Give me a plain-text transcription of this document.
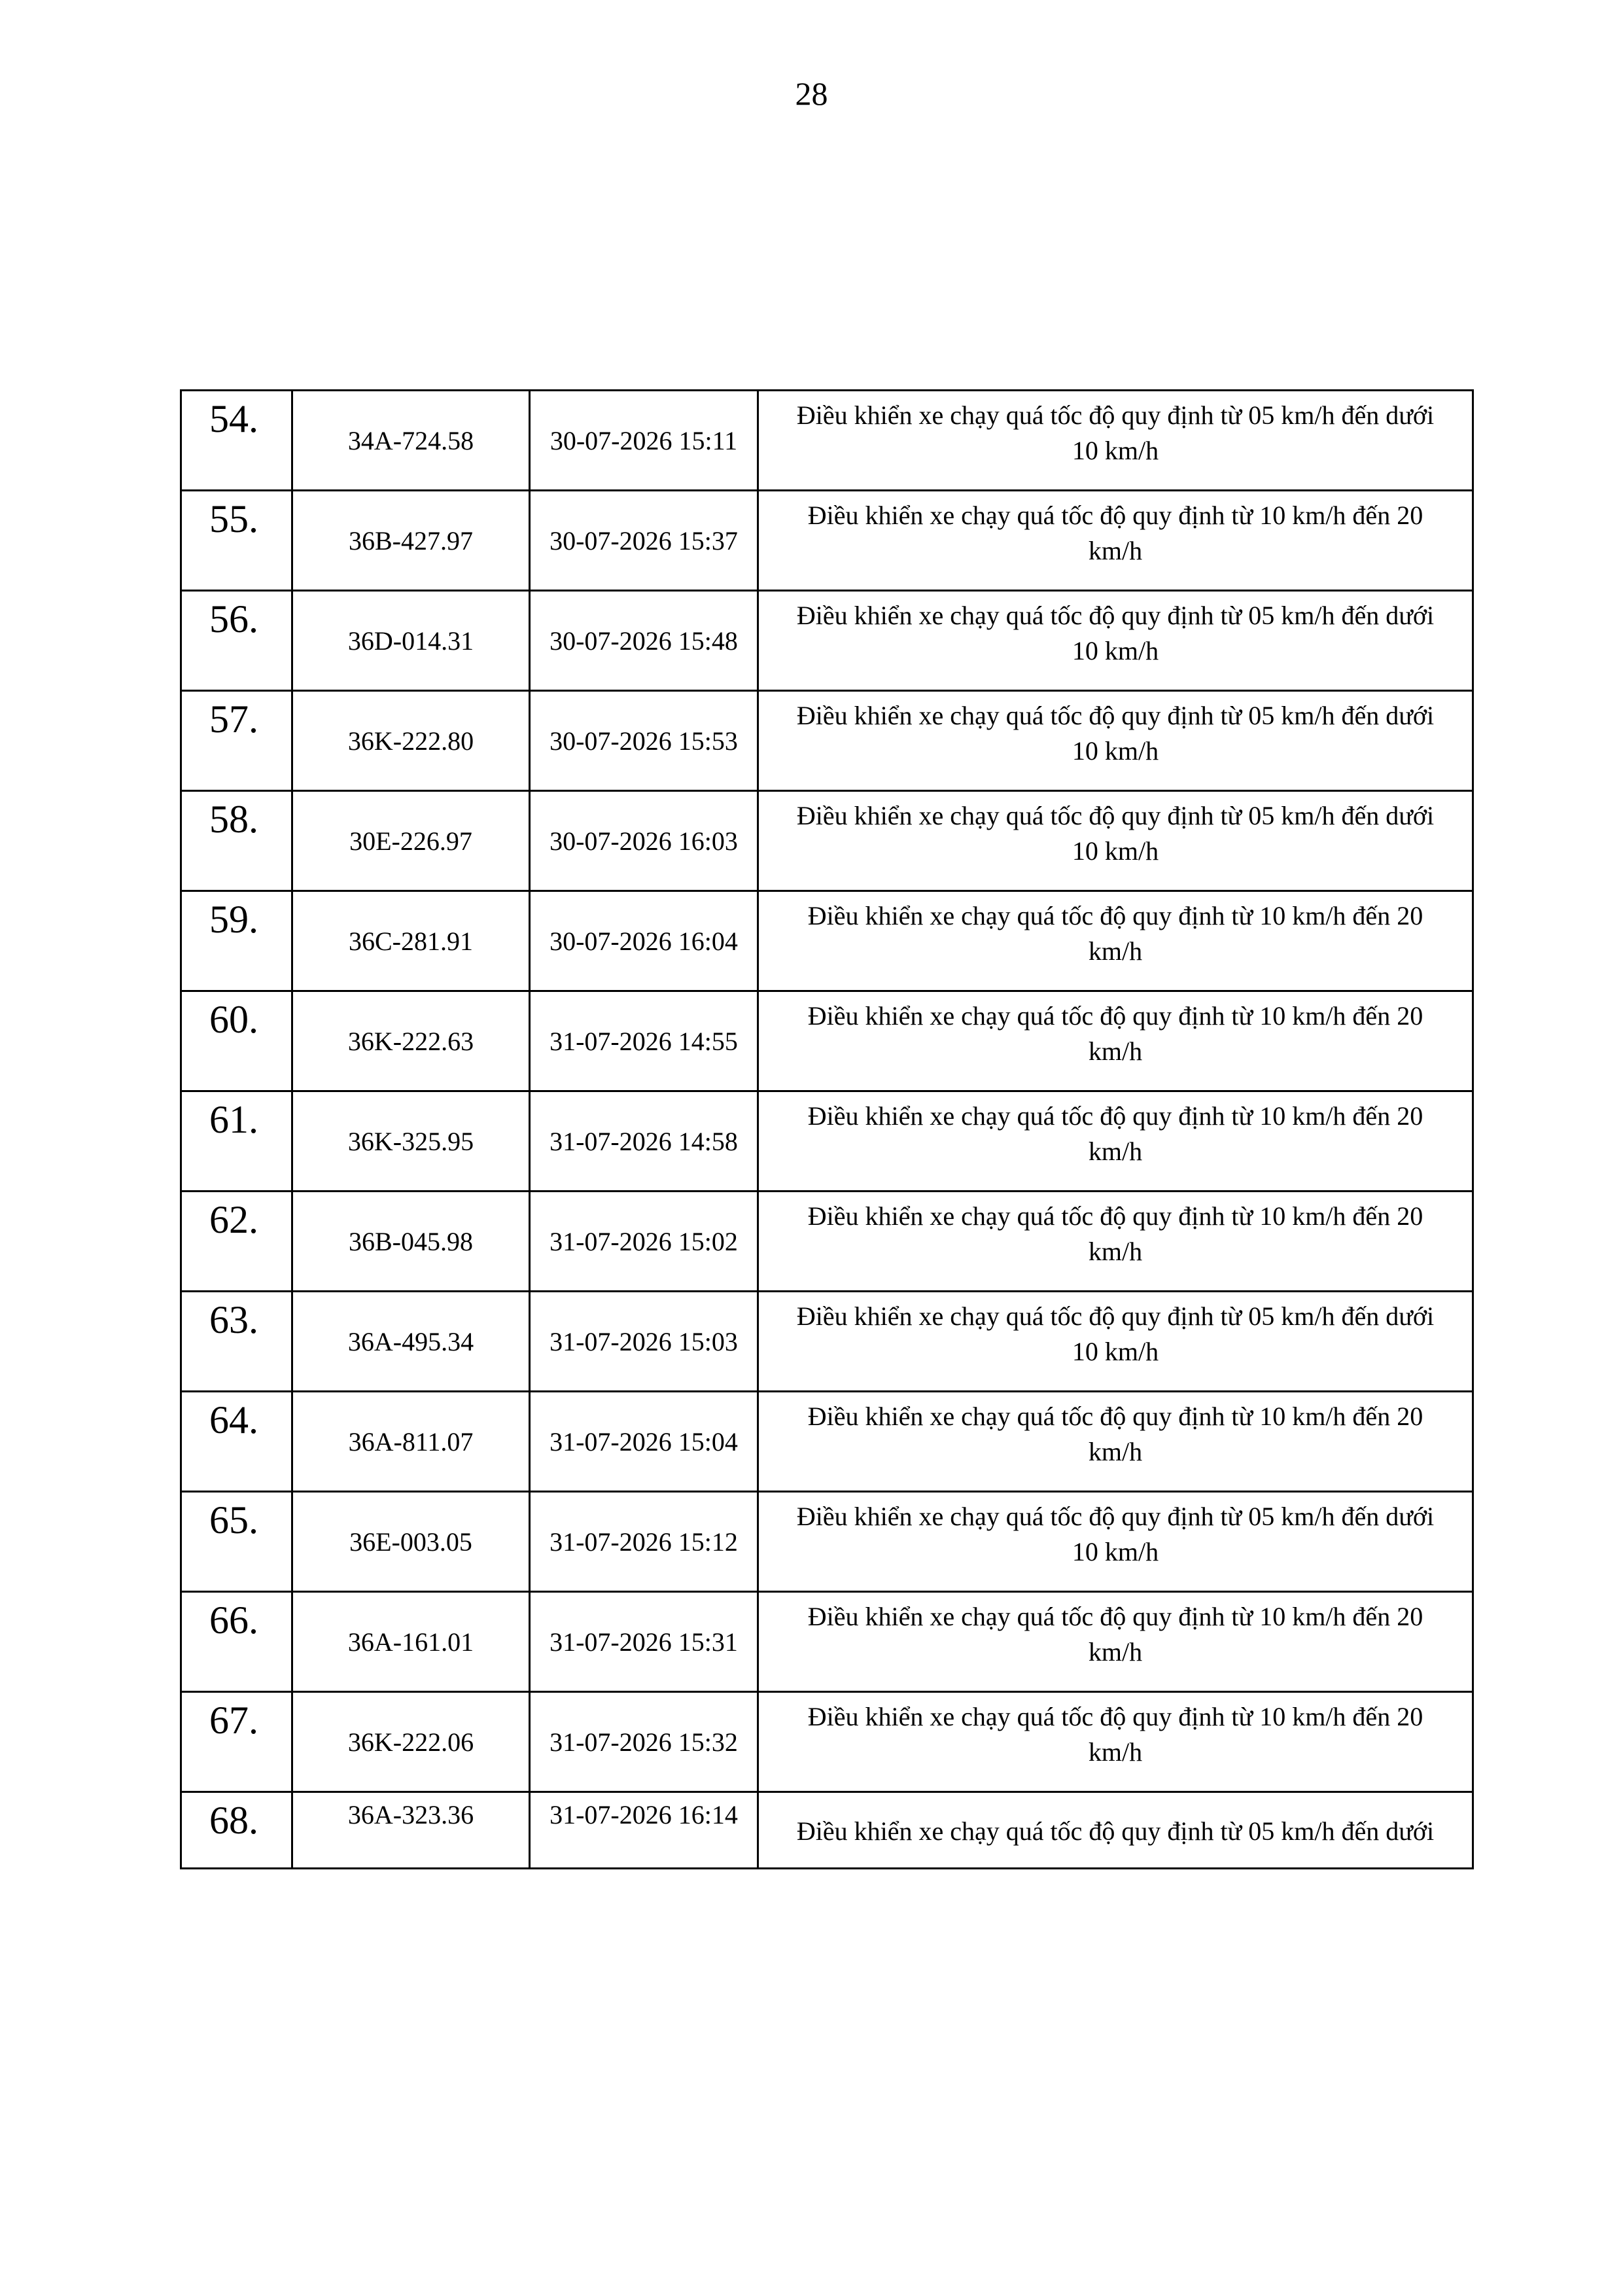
28
54.	34A-724.58	30-07-2026 15:11	Điều khiển xe chạy quá tốc độ quy định từ 05 km/h đến dưới 10 km/h
55.	36B-427.97	30-07-2026 15:37	Điều khiển xe chạy quá tốc độ quy định từ 10 km/h đến 20 km/h
56.	36D-014.31	30-07-2026 15:48	Điều khiển xe chạy quá tốc độ quy định từ 05 km/h đến dưới 10 km/h
57.	36K-222.80	30-07-2026 15:53	Điều khiển xe chạy quá tốc độ quy định từ 05 km/h đến dưới 10 km/h
58.	30E-226.97	30-07-2026 16:03	Điều khiển xe chạy quá tốc độ quy định từ 05 km/h đến dưới 10 km/h
59.	36C-281.91	30-07-2026 16:04	Điều khiển xe chạy quá tốc độ quy định từ 10 km/h đến 20 km/h
60.	36K-222.63	31-07-2026 14:55	Điều khiển xe chạy quá tốc độ quy định từ 10 km/h đến 20 km/h
61.	36K-325.95	31-07-2026 14:58	Điều khiển xe chạy quá tốc độ quy định từ 10 km/h đến 20 km/h
62.	36B-045.98	31-07-2026 15:02	Điều khiển xe chạy quá tốc độ quy định từ 10 km/h đến 20 km/h
63.	36A-495.34	31-07-2026 15:03	Điều khiển xe chạy quá tốc độ quy định từ 05 km/h đến dưới 10 km/h
64.	36A-811.07	31-07-2026 15:04	Điều khiển xe chạy quá tốc độ quy định từ 10 km/h đến 20 km/h
65.	36E-003.05	31-07-2026 15:12	Điều khiển xe chạy quá tốc độ quy định từ 05 km/h đến dưới 10 km/h
66.	36A-161.01	31-07-2026 15:31	Điều khiển xe chạy quá tốc độ quy định từ 10 km/h đến 20 km/h
67.	36K-222.06	31-07-2026 15:32	Điều khiển xe chạy quá tốc độ quy định từ 10 km/h đến 20 km/h
68.	36A-323.36	31-07-2026 16:14	Điều khiển xe chạy quá tốc độ quy định từ 05 km/h đến dưới
